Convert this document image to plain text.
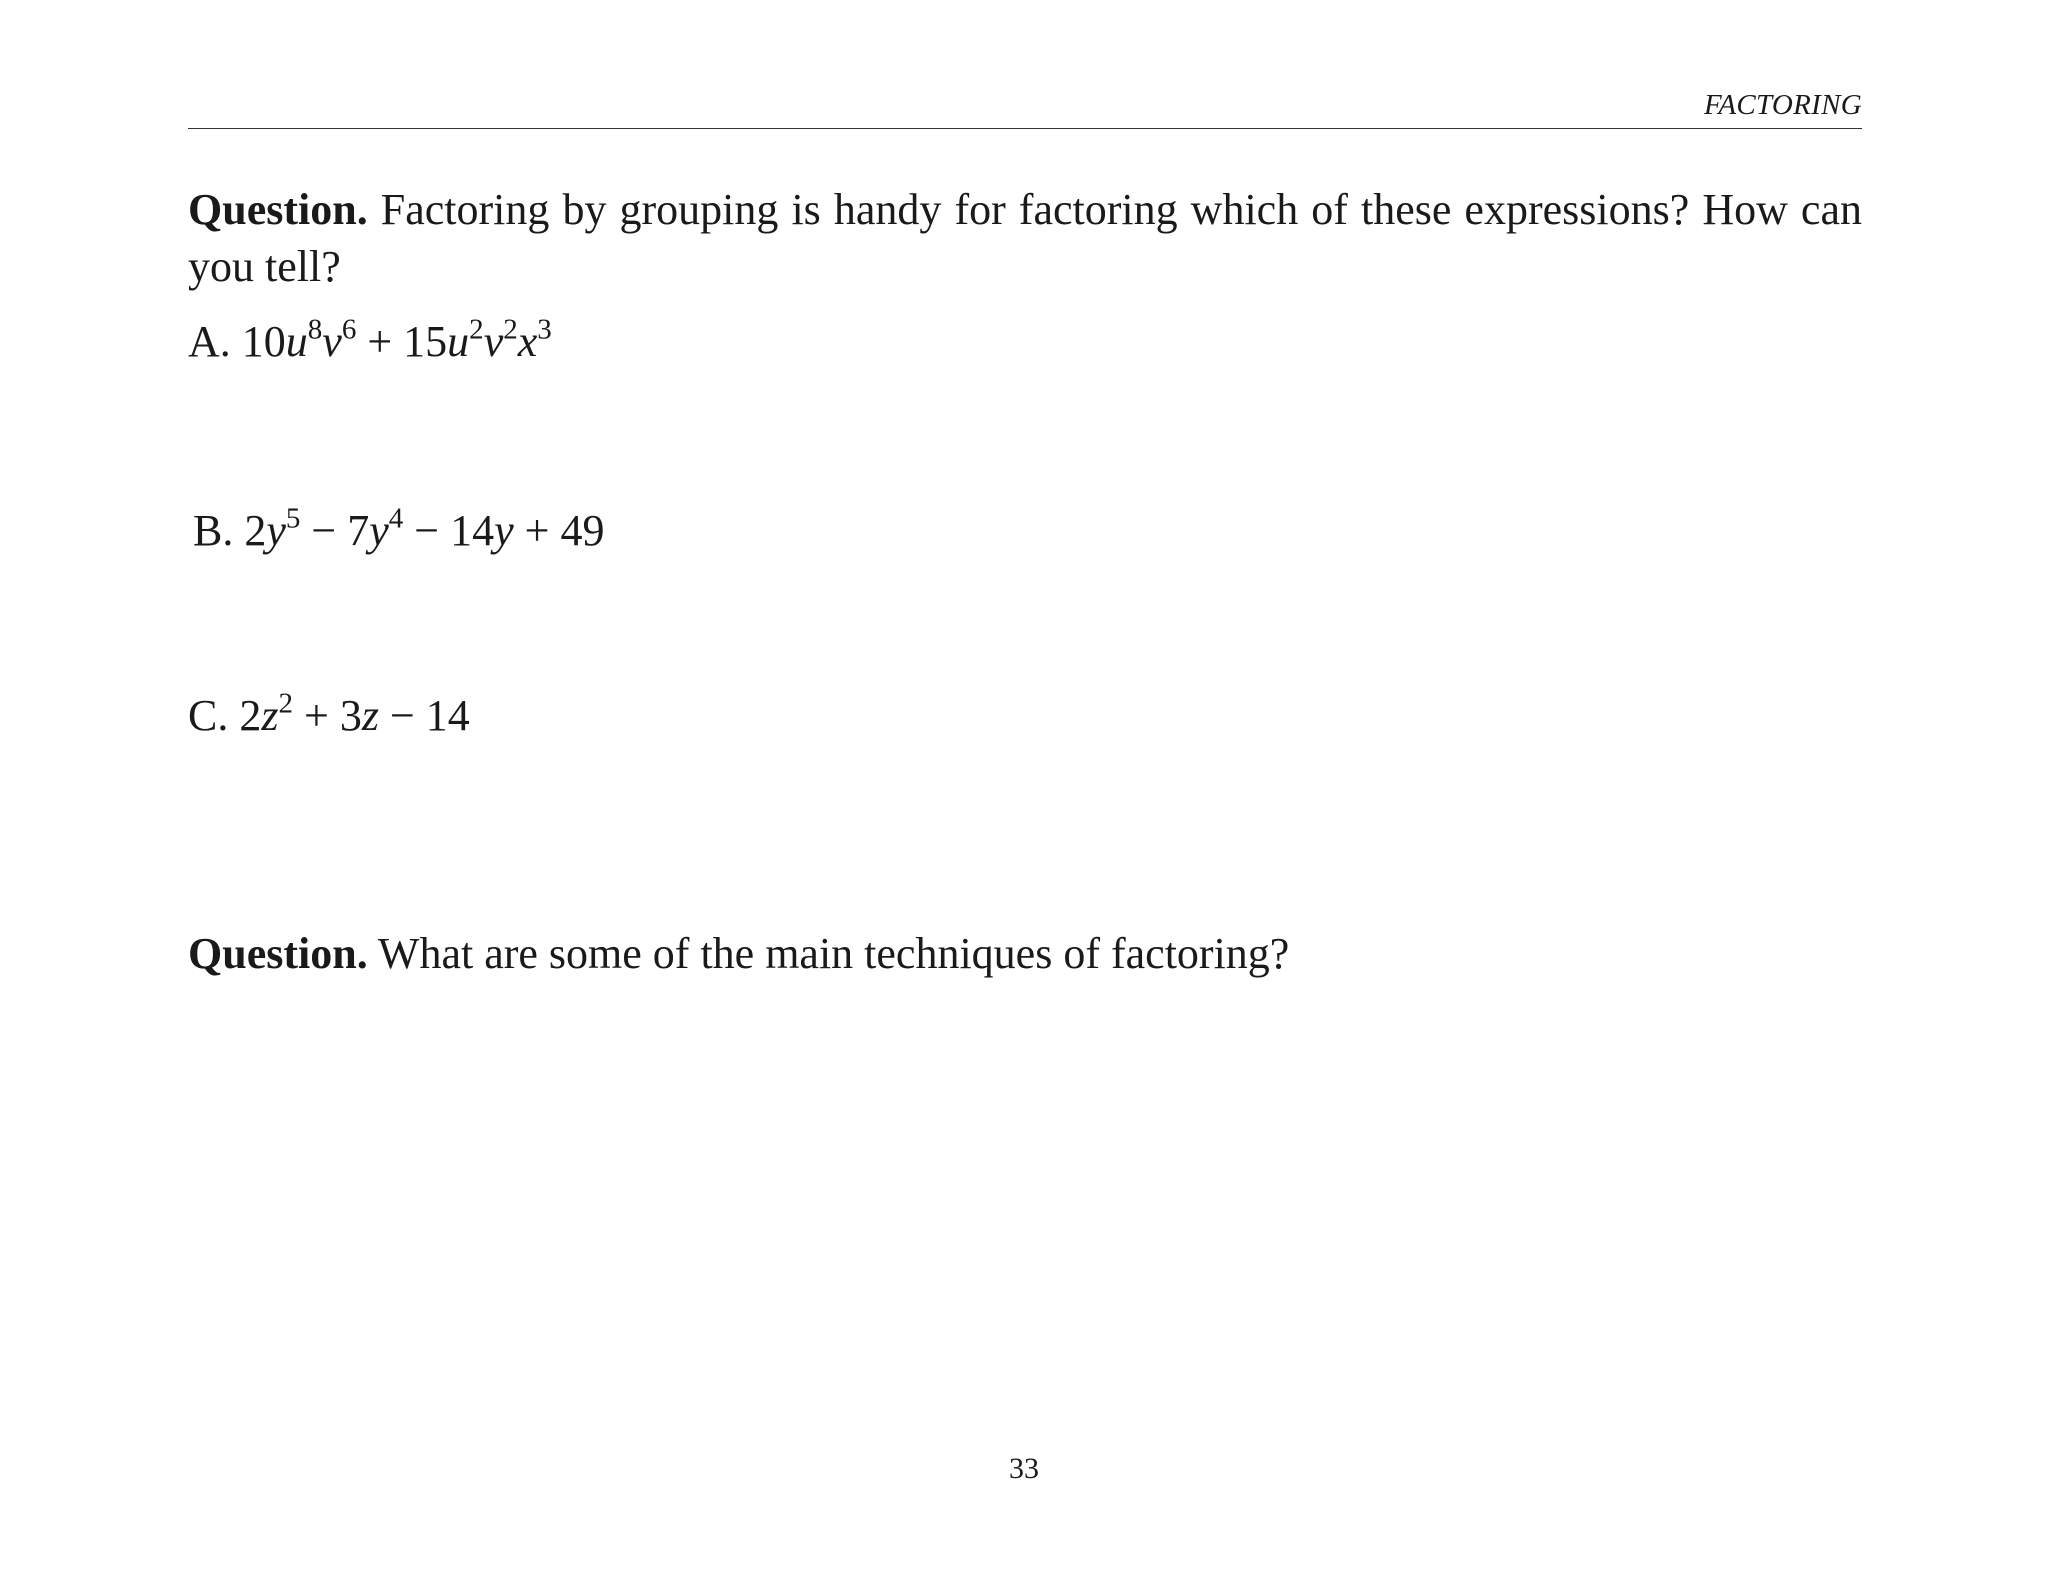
FACTORING
Question. Factoring by grouping is handy for factoring which of these expressions? How can you tell?
A. $10u^8v^6 + 15u^2v^2x^3$
B. $2y^5 - 7y^4 - 14y + 49$
C. $2z^2 + 3z - 14$
Question. What are some of the main techniques of factoring?
33
